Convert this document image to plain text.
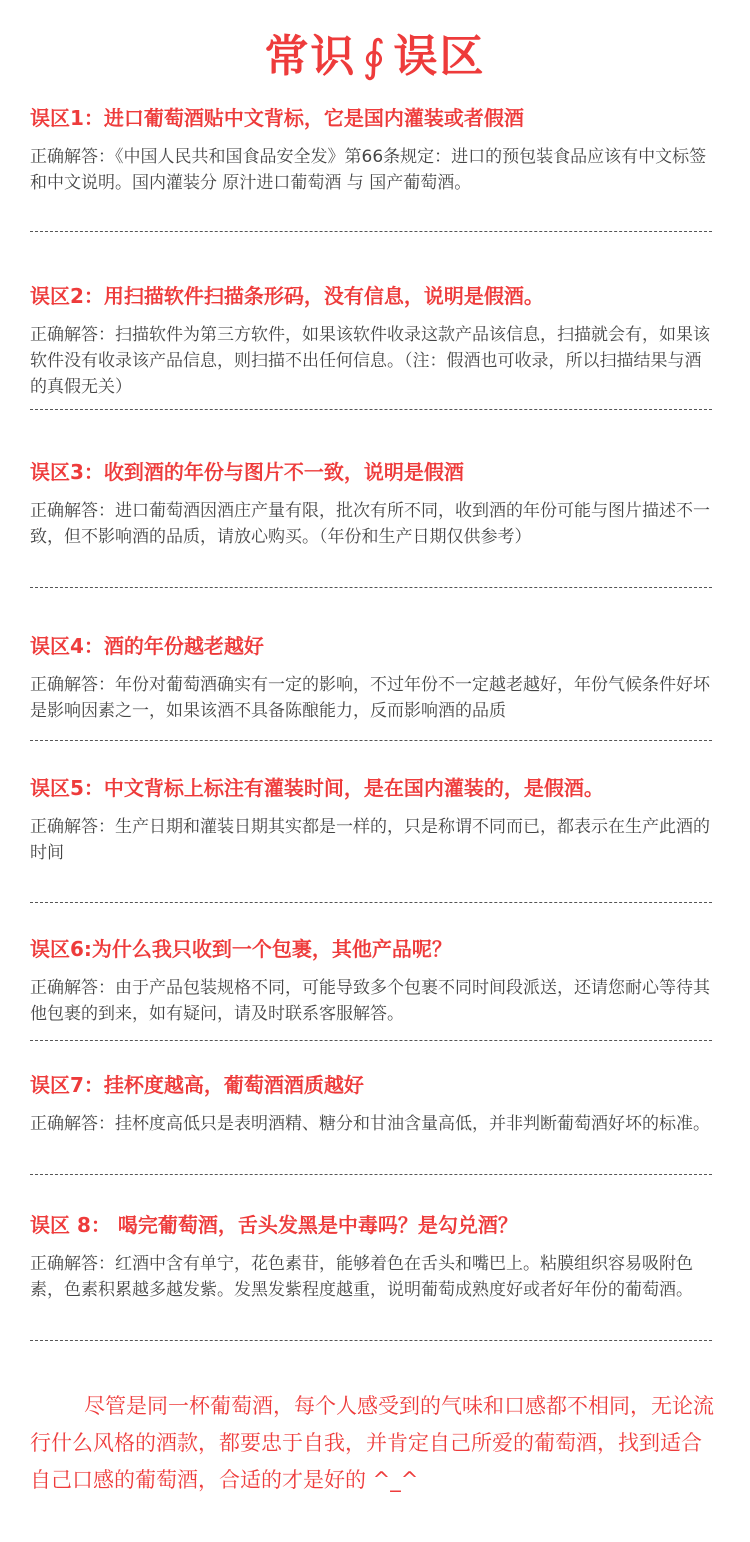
常识 ∮ 误区
误区1：进口葡萄酒贴中文背标，它是国内灌装或者假酒
正确解答：《中国人民共和国食品安全发》第66条规定：进口的预包装食品应该有中文标签和中文说明。国内灌装分 原汁进口葡萄酒 与 国产葡萄酒。
误区2：用扫描软件扫描条形码，没有信息，说明是假酒。
正确解答：扫描软件为第三方软件，如果该软件收录这款产品该信息，扫描就会有，如果该软件没有收录该产品信息，则扫描不出任何信息。（注：假酒也可收录，所以扫描结果与酒的真假无关）
误区3：收到酒的年份与图片不一致，说明是假酒
正确解答：进口葡萄酒因酒庄产量有限，批次有所不同，收到酒的年份可能与图片描述不一致，但不影响酒的品质，请放心购买。（年份和生产日期仅供参考）
误区4：酒的年份越老越好
正确解答：年份对葡萄酒确实有一定的影响，不过年份不一定越老越好，年份气候条件好坏是影响因素之一，如果该酒不具备陈酿能力，反而影响酒的品质
误区5：中文背标上标注有灌装时间，是在国内灌装的，是假酒。
正确解答：生产日期和灌装日期其实都是一样的，只是称谓不同而已，都表示在生产此酒的时间
误区6:为什么我只收到一个包裹，其他产品呢？
正确解答：由于产品包装规格不同，可能导致多个包裹不同时间段派送，还请您耐心等待其他包裹的到来，如有疑问，请及时联系客服解答。
误区7：挂杯度越高，葡萄酒酒质越好
正确解答：挂杯度高低只是表明酒精、糖分和甘油含量高低，并非判断葡萄酒好坏的标准。
误区 8： 喝完葡萄酒，舌头发黑是中毒吗？是勾兑酒？
正确解答：红酒中含有单宁，花色素苷，能够着色在舌头和嘴巴上。粘膜组织容易吸附色素，色素积累越多越发紫。发黑发紫程度越重，说明葡萄成熟度好或者好年份的葡萄酒。
尽管是同一杯葡萄酒，每个人感受到的气味和口感都不相同，无论流行什么风格的酒款，都要忠于自我，并肯定自己所爱的葡萄酒，找到适合自己口感的葡萄酒，合适的才是好的 ^_^
